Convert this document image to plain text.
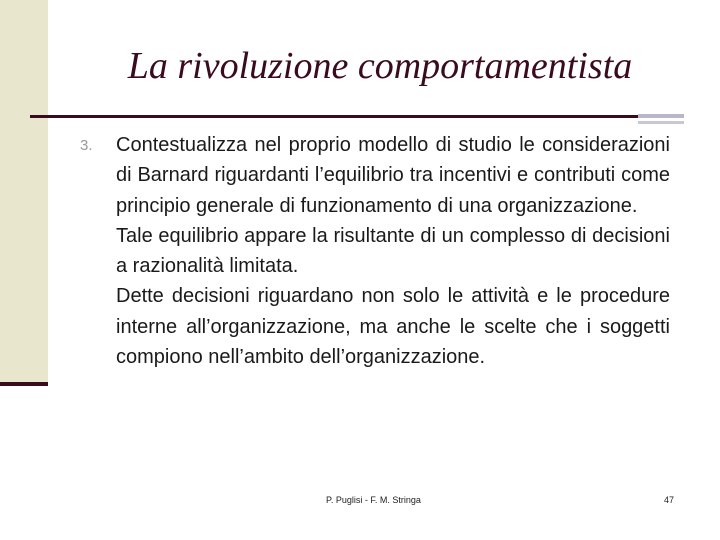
La rivoluzione comportamentista
3. Contestualizza nel proprio modello di studio le considerazioni di Barnard riguardanti l’equilibrio tra incentivi e contributi come principio generale di funzionamento di una organizzazione.

Tale equilibrio appare la risultante di un complesso di decisioni a razionalità limitata.

Dette decisioni riguardano non solo le attività e le procedure interne all’organizzazione, ma anche le scelte che i soggetti compiono nell’ambito dell’organizzazione.

P. Puglisi - F. M. Stringa	47
